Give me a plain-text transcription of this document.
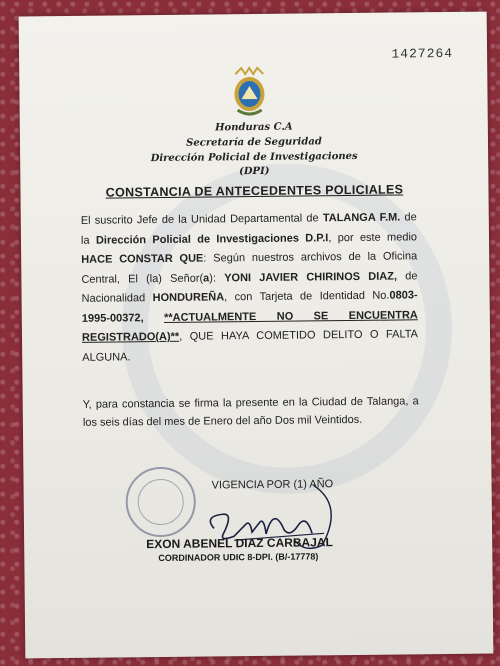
1427264
Honduras C.A
Secretaría de Seguridad
Dirección Policial de Investigaciones
(DPI)
CONSTANCIA DE ANTECEDENTES POLICIALES
El suscrito Jefe de la Unidad Departamental de TALANGA F.M. de la Dirección Policial de Investigaciones D.P.I, por este medio HACE CONSTAR QUE: Según nuestros archivos de la Oficina Central, El (la) Señor(a): YONI JAVIER CHIRINOS DIAZ, de Nacionalidad HONDUREÑA, con Tarjeta de Identidad No.0803-1995-00372, **ACTUALMENTE NO SE ENCUENTRA REGISTRADO(A)**, QUE HAYA COMETIDO DELITO O FALTA ALGUNA.
Y, para constancia se firma la presente en la Ciudad de Talanga, a los seis días del mes de Enero del año Dos mil Veintidos.
VIGENCIA POR (1) AÑO
EXON ABENEL DIAZ CARBAJAL
CORDINADOR UDIC 8-DPI. (B/-17778)
